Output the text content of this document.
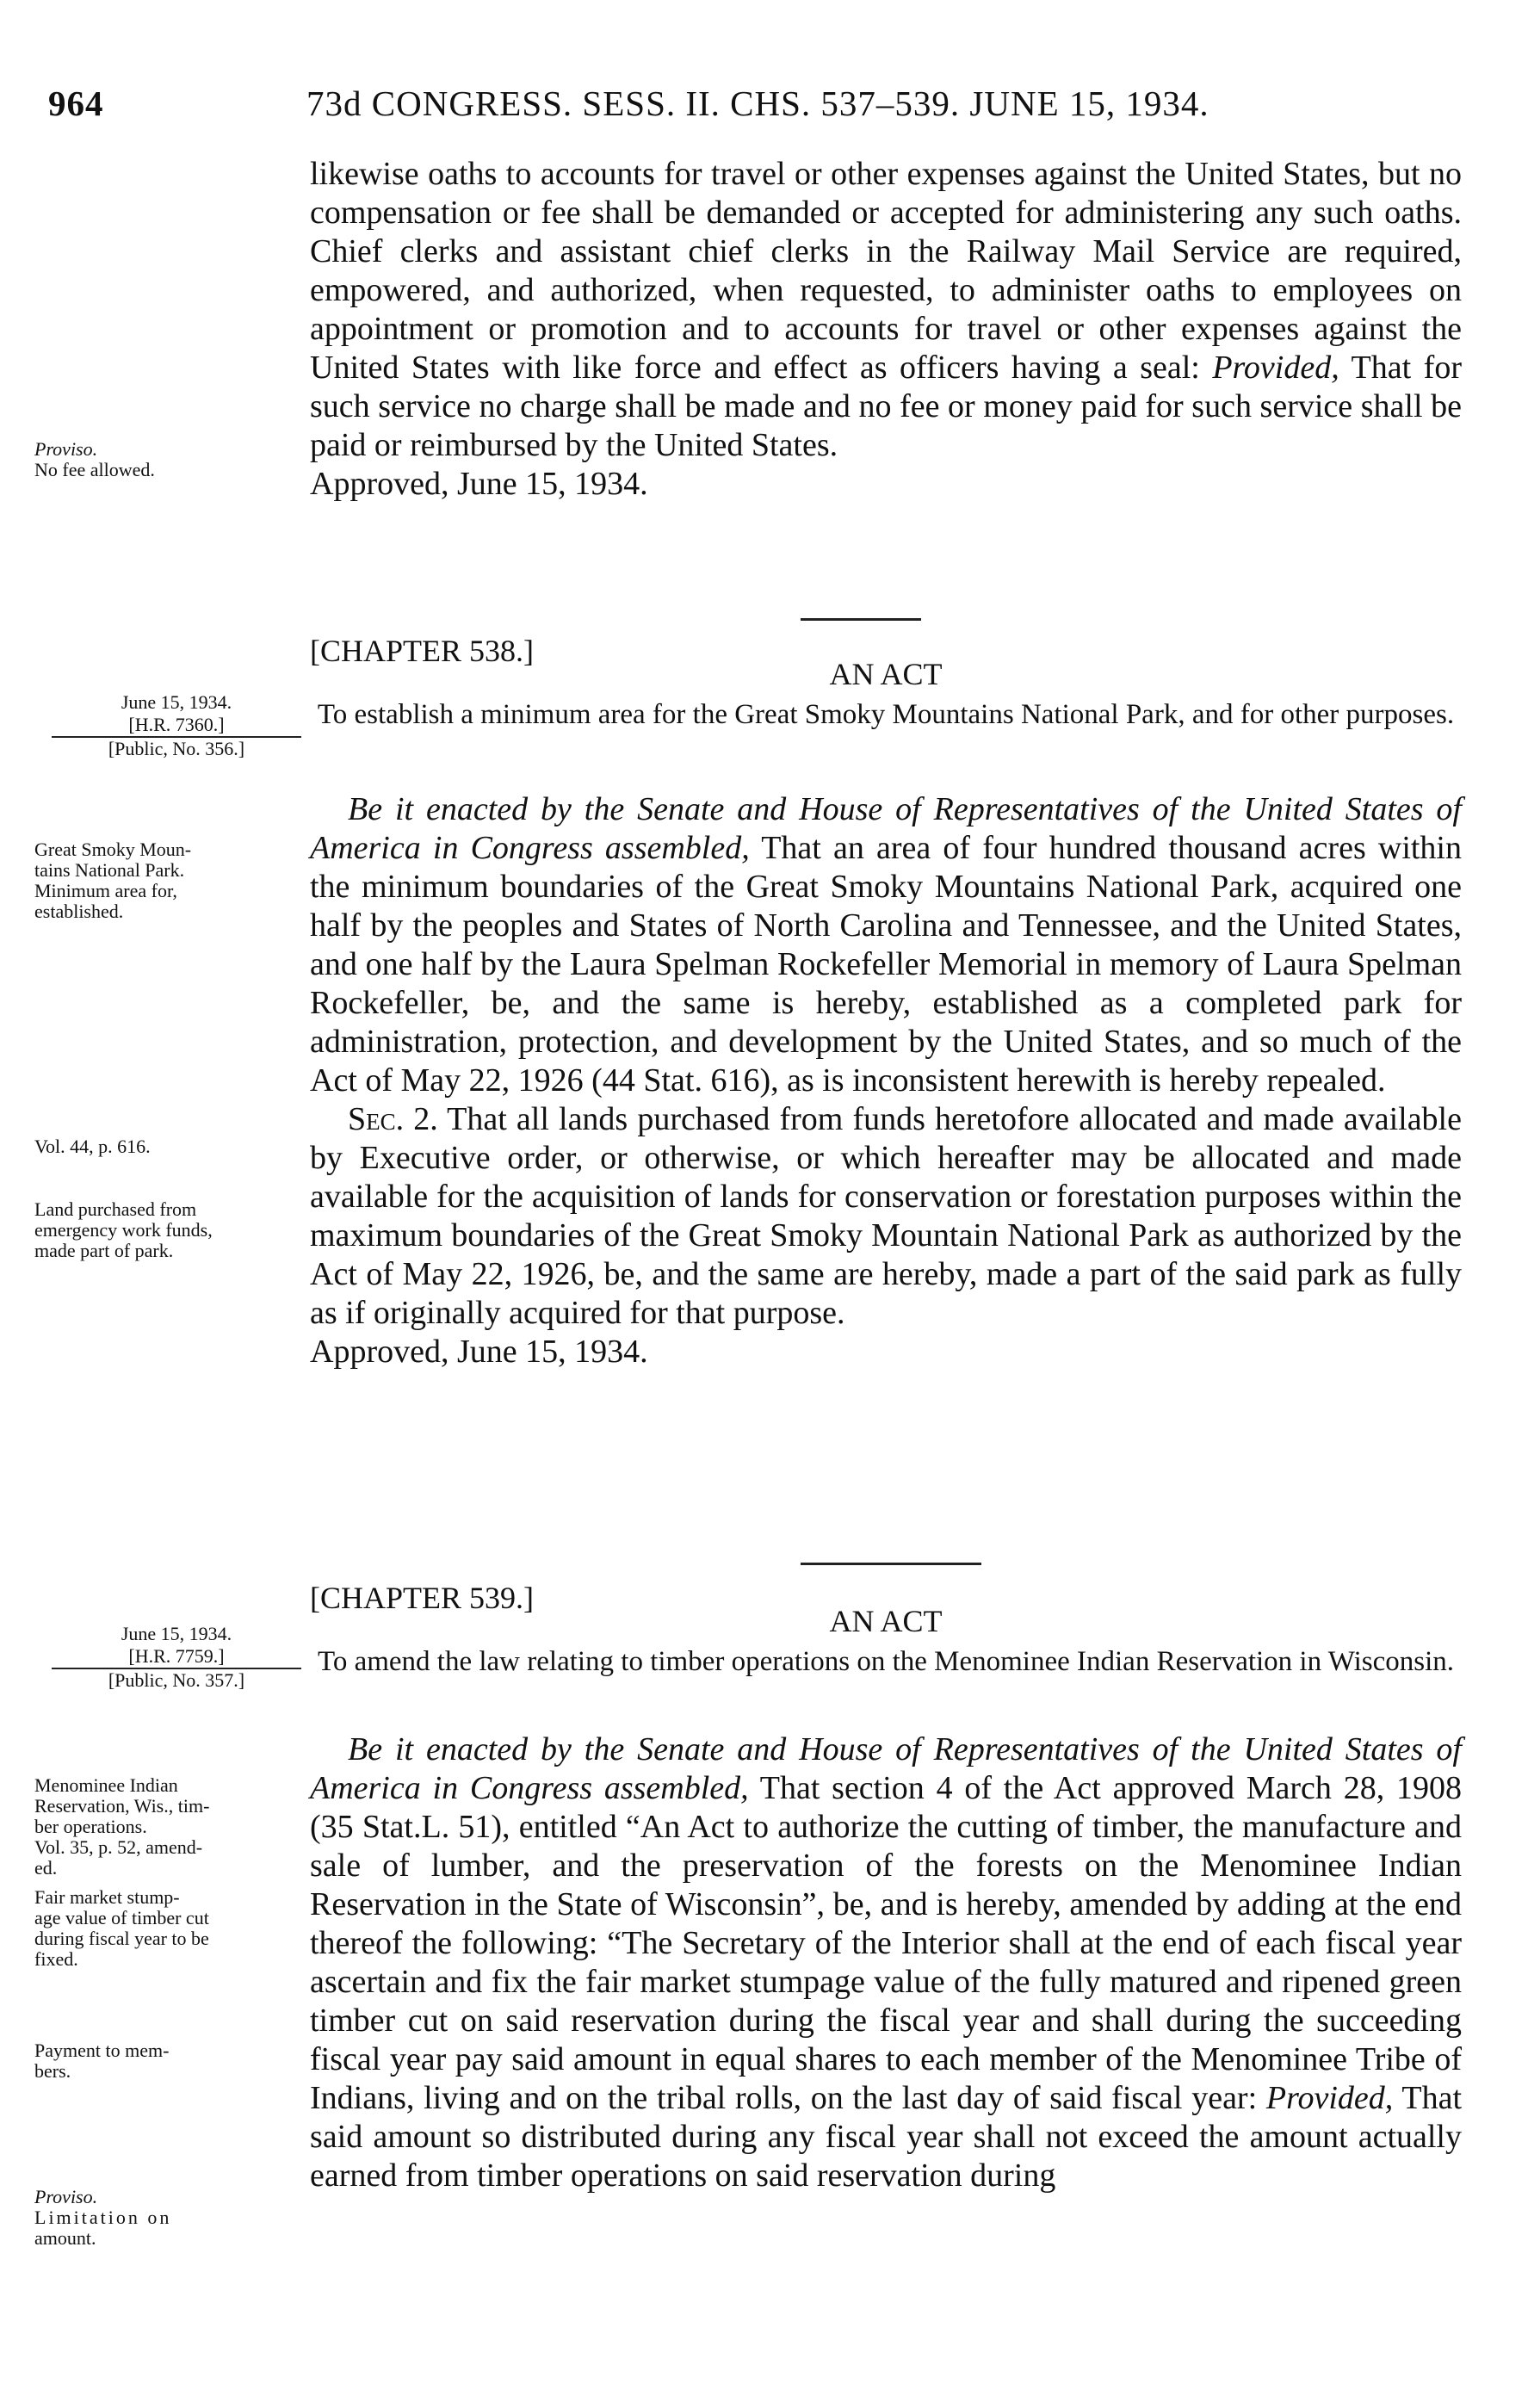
964	73d CONGRESS. SESS. II. CHS. 537–539. JUNE 15, 1934.

likewise oaths to accounts for travel or other expenses against the United States, but no compensation or fee shall be demanded or accepted for administering any such oaths. Chief clerks and assistant chief clerks in the Railway Mail Service are required, empowered, and authorized, when requested, to administer oaths to employees on appointment or promotion and to accounts for travel or other expenses against the United States with like force and effect as officers having a seal: Provided, That for such service no charge shall be made and no fee or money paid for such service shall be paid or reimbursed by the United States.

Approved, June 15, 1934.

Proviso.
No fee allowed.
[CHAPTER 538.]
AN ACT
To establish a minimum area for the Great Smoky Mountains National Park, and for other purposes.
June 15, 1934.
[H.R. 7360.]
[Public, No. 356.]

Be it enacted by the Senate and House of Representatives of the United States of America in Congress assembled, That an area of four hundred thousand acres within the minimum boundaries of the Great Smoky Mountains National Park, acquired one half by the peoples and States of North Carolina and Tennessee, and the United States, and one half by the Laura Spelman Rockefeller Memorial in memory of Laura Spelman Rockefeller, be, and the same is hereby, established as a completed park for administration, protection, and development by the United States, and so much of the Act of May 22, 1926 (44 Stat. 616), as is inconsistent herewith is hereby repealed.

Sec. 2. That all lands purchased from funds heretofore allocated and made available by Executive order, or otherwise, or which hereafter may be allocated and made available for the acquisition of lands for conservation or forestation purposes within the maximum boundaries of the Great Smoky Mountain National Park as authorized by the Act of May 22, 1926, be, and the same are hereby, made a part of the said park as fully as if originally acquired for that purpose.

Approved, June 15, 1934.

Great Smoky Moun-
tains National Park.
Minimum area for,
established.
Vol. 44, p. 616.
Land purchased from
emergency work funds,
made part of park.
[CHAPTER 539.]
AN ACT
To amend the law relating to timber operations on the Menominee Indian Reservation in Wisconsin.
June 15, 1934.
[H.R. 7759.]
[Public, No. 357.]

Be it enacted by the Senate and House of Representatives of the United States of America in Congress assembled, That section 4 of the Act approved March 28, 1908 (35 Stat.L. 51), entitled “An Act to authorize the cutting of timber, the manufacture and sale of lumber, and the preservation of the forests on the Menominee Indian Reservation in the State of Wisconsin”, be, and is hereby, amended by adding at the end thereof the following: “The Secretary of the Interior shall at the end of each fiscal year ascertain and fix the fair market stumpage value of the fully matured and ripened green timber cut on said reservation during the fiscal year and shall during the succeeding fiscal year pay said amount in equal shares to each member of the Menominee Tribe of Indians, living and on the tribal rolls, on the last day of said fiscal year: Provided, That said amount so distributed during any fiscal year shall not exceed the amount actually earned from timber operations on said reservation during

Menominee Indian
Reservation, Wis., tim-
ber operations.
Vol. 35, p. 52, amend-
ed.
Fair market stump-
age value of timber cut
during fiscal year to be
fixed.
Payment to mem-
bers.
Proviso.
Limitation on
amount.
